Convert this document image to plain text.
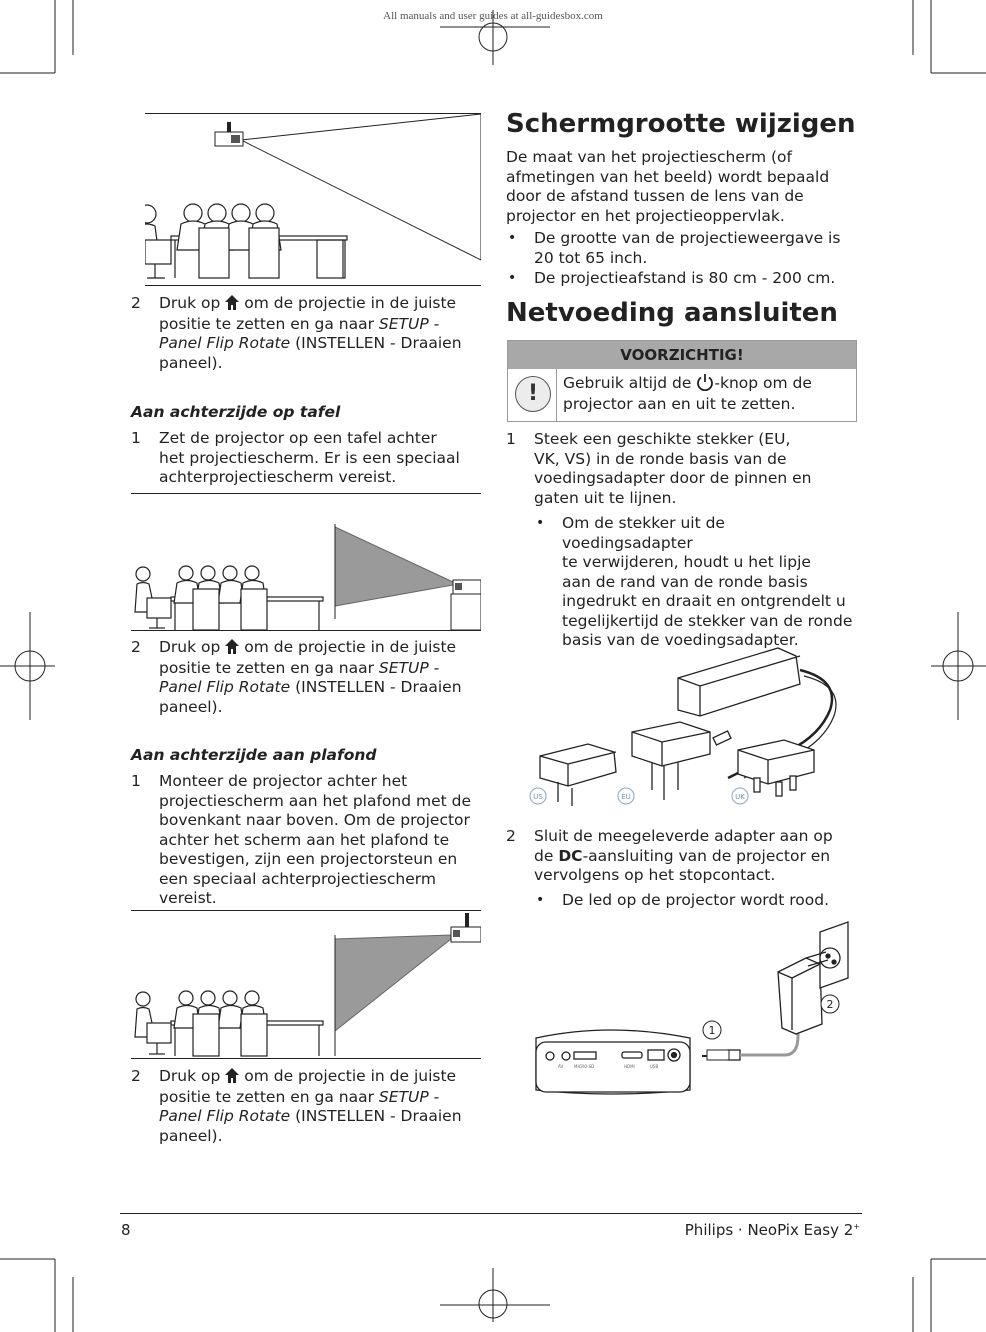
All manuals and user guides at all-guidesbox.com
2	Druk op om de projectie in de juiste
positie te zetten en ga naar SETUP -
Panel Flip Rotate (INSTELLEN - Draaien
paneel).
Aan achterzijde op tafel
1	Zet de projector op een tafel achter
het projectiescherm. Er is een speciaal
achterprojectiescherm vereist.
2	Druk op om de projectie in de juiste
positie te zetten en ga naar SETUP -
Panel Flip Rotate (INSTELLEN - Draaien
paneel).
Aan achterzijde aan plafond
1	Monteer de projector achter het
projectiescherm aan het plafond met de
bovenkant naar boven. Om de projector
achter het scherm aan het plafond te
bevestigen, zijn een projectorsteun en
een speciaal achterprojectiescherm
vereist.
2	Druk op om de projectie in de juiste
positie te zetten en ga naar SETUP -
Panel Flip Rotate (INSTELLEN - Draaien
paneel).
Schermgrootte wijzigen
De maat van het projectiescherm (of
afmetingen van het beeld) wordt bepaald
door de afstand tussen de lens van de
projector en het projectieoppervlak.
• De grootte van de projectieweergave is
20 tot 65 inch.
• De projectieafstand is 80 cm - 200 cm.
Netvoeding aansluiten
VOORZICHTIG!
!	Gebruik altijd de -knop om de
projector aan en uit te zetten.
1	Steek een geschikte stekker (EU,
VK, VS) in de ronde basis van de
voedingsadapter door de pinnen en
gaten uit te lijnen.
• Om de stekker uit de voedingsadapter
te verwijderen, houdt u het lipje
aan de rand van de ronde basis
ingedrukt en draait en ontgrendelt u
tegelijkertijd de stekker van de ronde
basis van de voedingsadapter.
US	EU	UK
2	Sluit de meegeleverde adapter aan op
de DC-aansluiting van de projector en
vervolgens op het stopcontact.
• De led op de projector wordt rood.
1
2
AV	MICRO SD	HDMI	USB
8	Philips · NeoPix Easy 2+
